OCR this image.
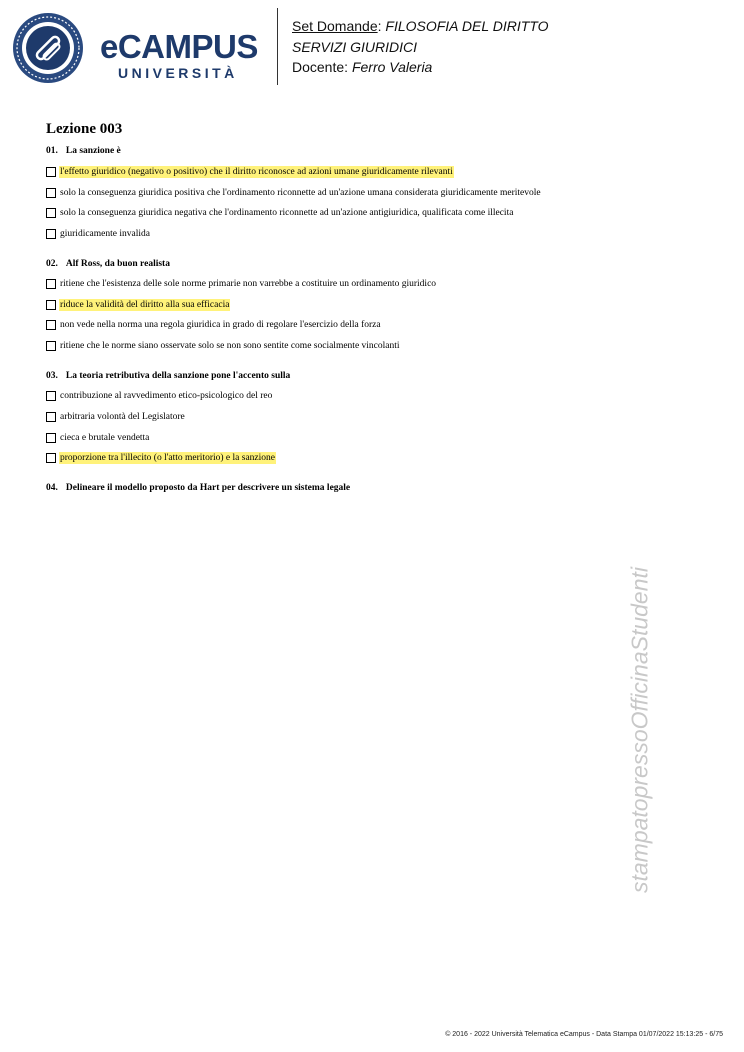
eCAMPUS
UNIVERSITÀ
Set Domande: FILOSOFIA DEL DIRITTO
SERVIZI GIURIDICI
Docente: Ferro Valeria
Lezione 003
01. La sanzione è
l'effetto giuridico (negativo o positivo) che il diritto riconosce ad azioni umane giuridicamente rilevanti
solo la conseguenza giuridica positiva che l'ordinamento riconnette ad un'azione umana considerata giuridicamente meritevole
solo la conseguenza giuridica negativa che l'ordinamento riconnette ad un'azione antigiuridica, qualificata come illecita
giuridicamente invalida
02. Alf Ross, da buon realista
ritiene che l'esistenza delle sole norme primarie non varrebbe a costituire un ordinamento giuridico
riduce la validità del diritto alla sua efficacia
non vede nella norma una regola giuridica in grado di regolare l'esercizio della forza
ritiene che le norme siano osservate solo se non sono sentite come socialmente vincolanti
03. La teoria retributiva della sanzione pone l'accento sulla
contribuzione al ravvedimento etico-psicologico del reo
arbitraria volontà del Legislatore
cieca e brutale vendetta
proporzione tra l'illecito (o l'atto meritorio) e la sanzione
04. Delineare il modello proposto da Hart per descrivere un sistema legale
stampatopressoOfficinaStudenti
© 2016 - 2022 Università Telematica eCampus - Data Stampa 01/07/2022 15:13:25 - 6/75
